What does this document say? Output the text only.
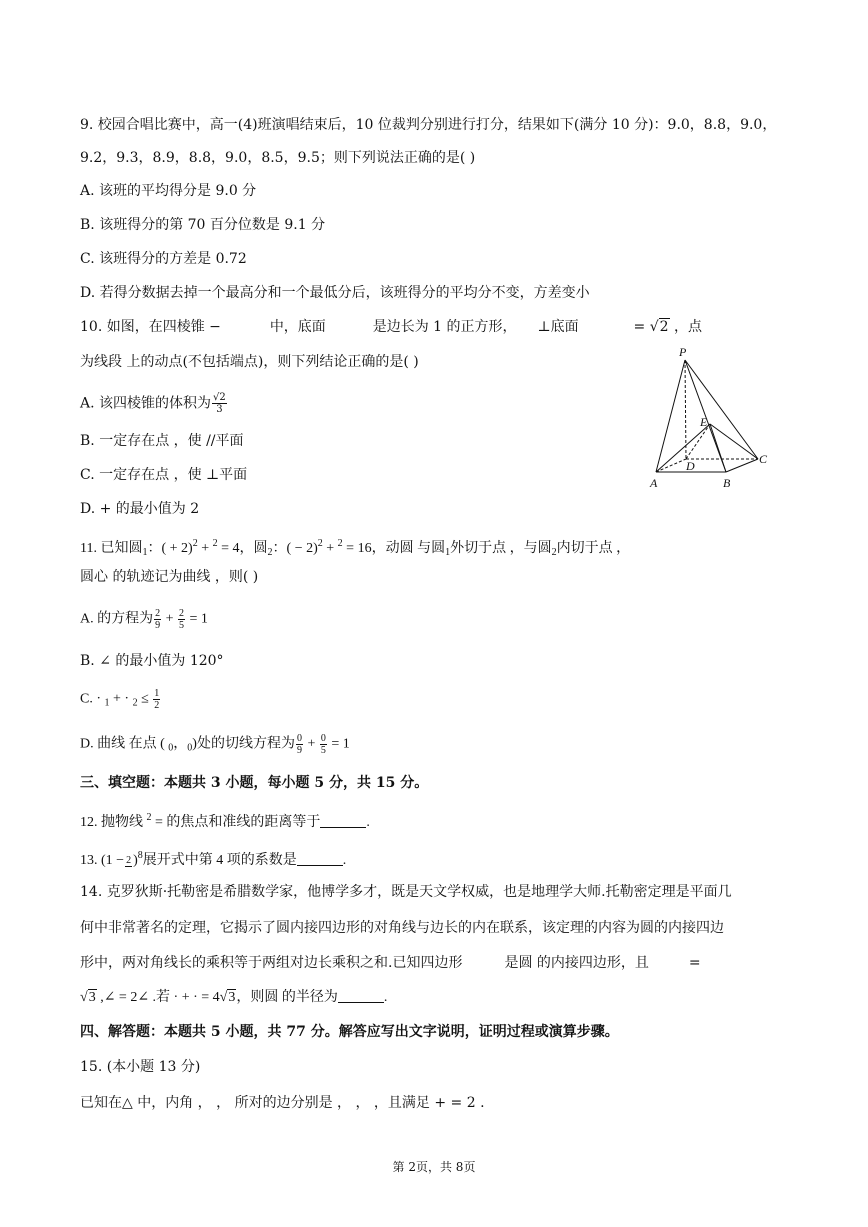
9. 校园合唱比赛中，高一(4)班演唱结束后，10 位裁判分别进行打分，结果如下(满分 10 分)：9.0，8.8，9.0，
9.2，9.3，8.9，8.8，9.0，8.5，9.5；则下列说法正确的是( )
A. 该班的平均得分是 9.0 分
B. 该班得分的第 70 百分位数是 9.1 分
C. 该班得分的方差是 0.72
D. 若得分数据去掉一个最高分和一个最低分后，该班得分的平均分不变，方差变小
10. 如图，在四棱锥 −	中，底面	是边长为 1 的正方形， ⊥底面	= √2 ，点
为线段 上的动点(不包括端点)，则下列结论正确的是( )
A. 该四棱锥的体积为 $\frac{√2}{3}$
B. 一定存在点 ，使 //平面
C. 一定存在点 ，使 ⊥平面
D. + 的最小值为 2
P
A	B
C
D
E
11. 已知圆$_1$：( + 2)$^2$ + $^2$ = 4，圆$_2$：( − 2)$^2$ + $^2$ = 16，动圆 与圆$_1$外切于点 ，与圆$_2$内切于点 ，
圆心 的轨迹记为曲线 ，则( )
A. 的方程为 $\frac{2}{9} + \frac{2}{5} = 1$
B. ∠ 的最小值为 120°
C. · $_1$ + · $_2 \le \frac{1}{2}$
D. 曲线 在点 ( $_0$，$_0$)处的切线方程为 $\frac{0}{9} + \frac{0}{5} = 1$
三、填空题：本题共 3 小题，每小题 5 分，共 15 分。
12. 抛物线 $^2$ = 的焦点和准线的距离等于	.
13. (1 − 2 )$^8$展开式中第 4 项的系数是	.
14. 克罗狄斯·托勒密是希腊数学家，他博学多才，既是天文学权威，也是地理学大师.托勒密定理是平面几
何中非常著名的定理，它揭示了圆内接四边形的对角线与边长的内在联系，该定理的内容为圆的内接四边
形中，两对角线长的乘积等于两组对边长乘积之和.已知四边形	是圆 的内接四边形，且	=
√3 ,∠ = 2∠ .若 · + · = 4√3，则圆 的半径为	.
四、解答题：本题共 5 小题，共 77 分。解答应写出文字说明，证明过程或演算步骤。
15. (本小题 13 分)
已知在△ 中，内角 ， ， 所对的边分别是 ， ， ，且满足 + = 2 .
第 2页，共 8页
